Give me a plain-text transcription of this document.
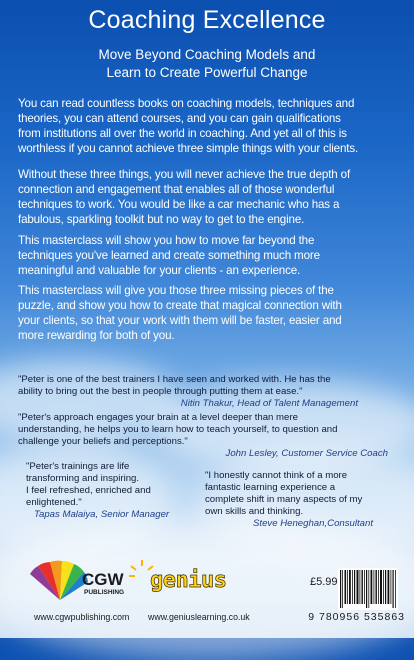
Coaching Excellence
Move Beyond Coaching Models and
Learn to Create Powerful Change
You can read countless books on coaching models, techniques and
theories, you can attend courses, and you can gain qualifications
from institutions all over the world in coaching. And yet all of this is
worthless if you cannot achieve three simple things with your clients.
Without these three things, you will never achieve the true depth of
connection and engagement that enables all of those wonderful
techniques to work. You would be like a car mechanic who has a
fabulous, sparkling toolkit but no way to get to the engine.
This masterclass will show you how to move far beyond the
techniques you've learned and create something much more
meaningful and valuable for your clients - an experience.
This masterclass will give you those three missing pieces of the
puzzle, and show you how to create that magical connection with
your clients, so that your work with them will be faster, easier and
more rewarding for both of you.
"Peter is one of the best trainers I have seen and worked with. He has the
ability to bring out the best in people through putting them at ease."
Nitin Thakur, Head of Talent Management
"Peter's approach engages your brain at a level deeper than mere
understanding, he helps you to learn how to teach yourself, to question and
challenge your beliefs and perceptions."
John Lesley, Customer Service Coach
"Peter's trainings are life
transforming and inspiring.
I feel refreshed, enriched and
enlightened."
Tapas Malaiya, Senior Manager
"I honestly cannot think of a more
fantastic learning experience a
complete shift in many aspects of my
own skills and thinking.
Steve Heneghan,Consultant
CGW
PUBLISHING genius
www.cgwpublishing.com www.geniuslearning.co.uk
£5.99
9 780956 535863
